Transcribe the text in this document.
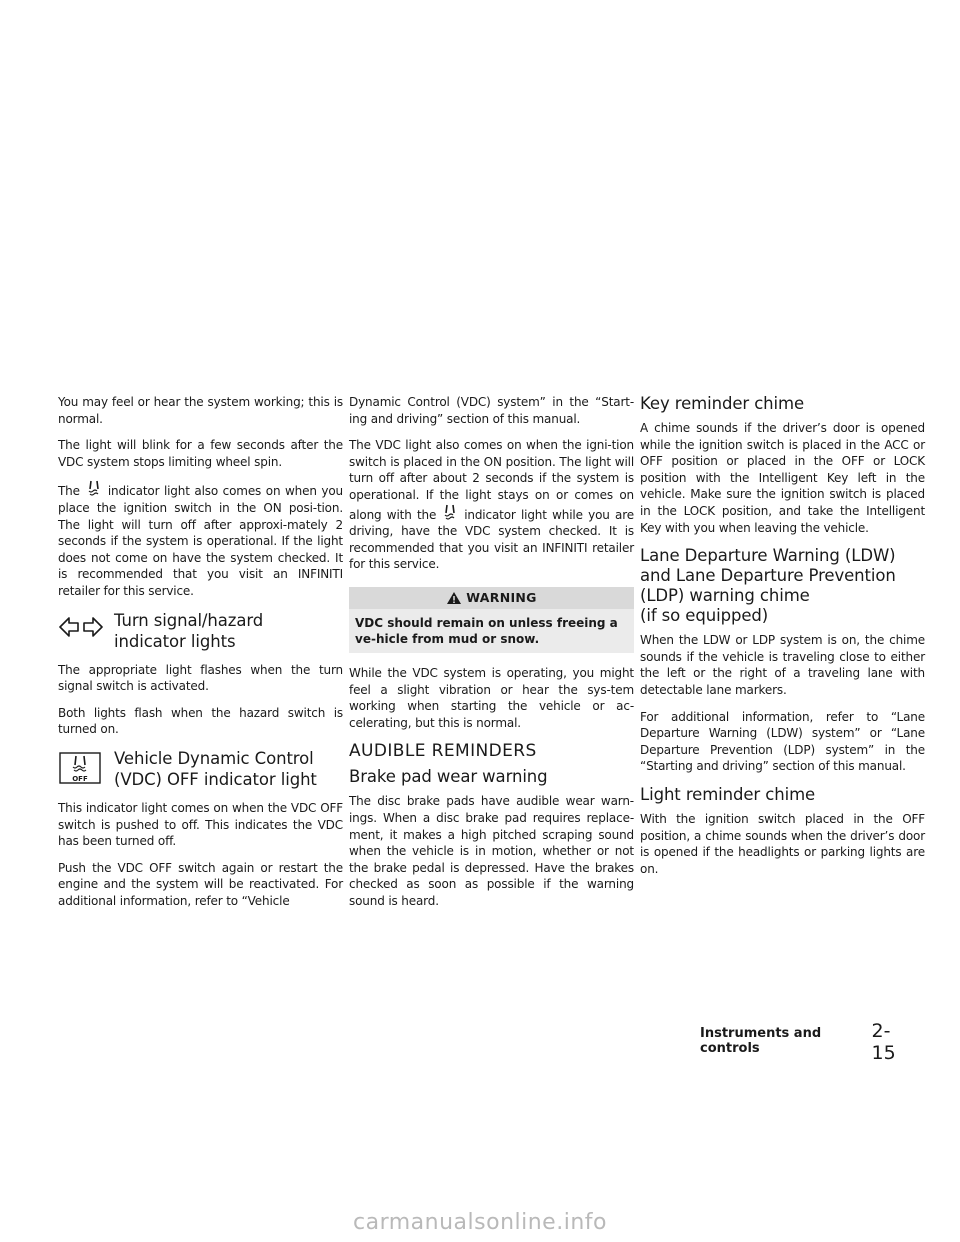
You may feel or hear the system working; this is normal.

The light will blink for a few seconds after the VDC system stops limiting wheel spin.

The indicator light also comes on when you place the ignition switch in the ON posi-tion. The light will turn off after approxi-mately 2 seconds if the system is operational. If the light does not come on have the system checked. It is recommended that you visit an INFINITI retailer for this service.

Turn signal/hazard
indicator lights

The appropriate light flashes when the turn signal switch is activated.

Both lights flash when the hazard switch is turned on.

OFF
Vehicle Dynamic Control
(VDC) OFF indicator light

This indicator light comes on when the VDC OFF switch is pushed to off. This indicates the VDC has been turned off.

Push the VDC OFF switch again or restart the engine and the system will be reactivated. For additional information, refer to “Vehicle

Dynamic Control (VDC) system” in the “Start-ing and driving” section of this manual.

The VDC light also comes on when the igni-tion switch is placed in the ON position. The light will turn off after about 2 seconds if the system is operational. If the light stays on or comes on along with the indicator light while you are driving, have the VDC system checked. It is recommended that you visit an INFINITI retailer for this service.

WARNING
VDC should remain on unless freeing a ve-hicle from mud or snow.

While the VDC system is operating, you might feel a slight vibration or hear the sys-tem working when starting the vehicle or ac-celerating, but this is normal.

AUDIBLE REMINDERS
Brake pad wear warning

The disc brake pads have audible wear warn-ings. When a disc brake pad requires replace-ment, it makes a high pitched scraping sound when the vehicle is in motion, whether or not the brake pedal is depressed. Have the brakes checked as soon as possible if the warning sound is heard.

Key reminder chime

A chime sounds if the driver’s door is opened while the ignition switch is placed in the ACC or OFF position or placed in the OFF or LOCK position with the Intelligent Key left in the vehicle. Make sure the ignition switch is placed in the LOCK position, and take the Intelligent Key with you when leaving the vehicle.

Lane Departure Warning (LDW)
and Lane Departure Prevention
(LDP) warning chime
(if so equipped)

When the LDW or LDP system is on, the chime sounds if the vehicle is traveling close to either the left or the right of a traveling lane with detectable lane markers.

For additional information, refer to “Lane Departure Warning (LDW) system” or “Lane Departure Prevention (LDP) system” in the “Starting and driving” section of this manual.

Light reminder chime

With the ignition switch placed in the OFF position, a chime sounds when the driver’s door is opened if the headlights or parking lights are on.

Instruments and controls
2-15
carmanualsonline.info
